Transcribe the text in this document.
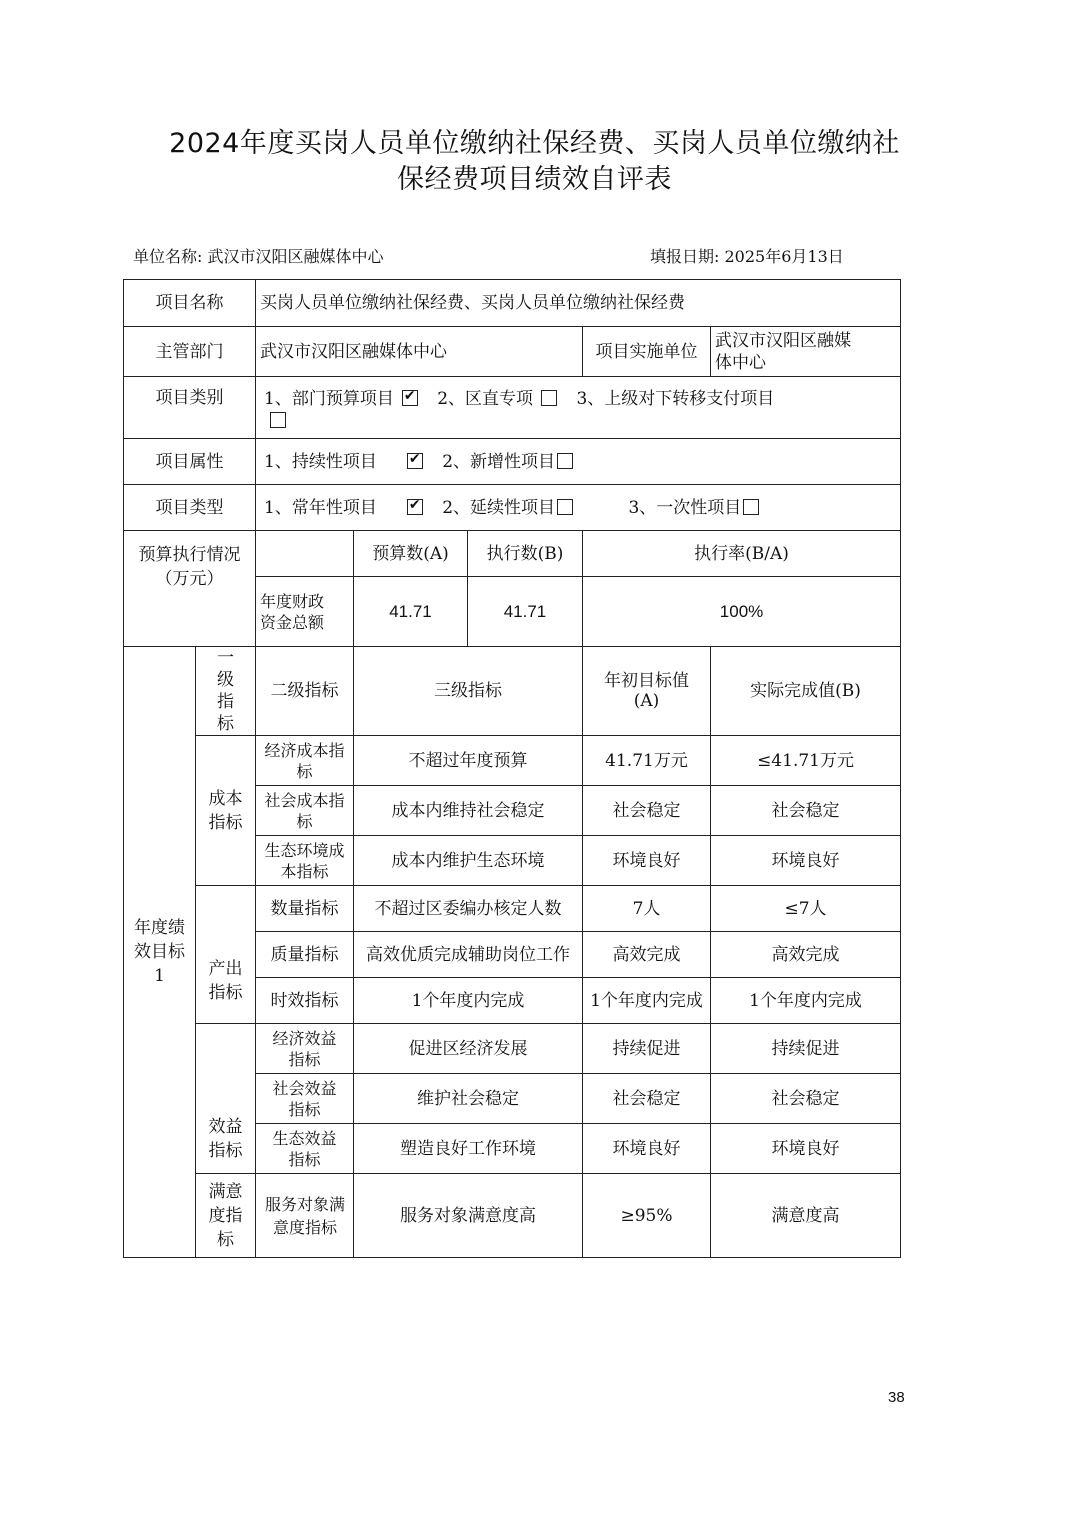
2024年度买岗人员单位缴纳社保经费、买岗人员单位缴纳社
保经费项目绩效自评表
单位名称: 武汉市汉阳区融媒体中心	填报日期: 2025年6月13日
项目名称		买岗人员单位缴纳社保经费、买岗人员单位缴纳社保经费				
主管部门		武汉市汉阳区融媒体中心			项目实施单位	武汉市汉阳区融媒体中心
项目类别		1、部门预算项目 ✔ 2、区直专项 3、上级对下转移支付项目

项目属性		1、持续性项目 ✔ 2、新增性项目
项目类型		1、常年性项目 ✔ 2、延续性项目 3、一次性项目
预算执行情况（万元）			预算数(A)	执行数(B)	执行率(B/A)	
		年度财政资金总额	41.71	41.71	100%	
年度绩效目标1	一级指标	二级指标	三级指标		年初目标值(A)	实际完成值(B)
	成本指标	经济成本指标	不超过年度预算		41.71万元	≤41.71万元
		社会成本指标	成本内维持社会稳定		社会稳定	社会稳定
		生态环境成本指标	成本内维护生态环境		环境良好	环境良好
	产出指标	数量指标	不超过区委编办核定人数		7人	≤7人
		质量指标	高效优质完成辅助岗位工作		高效完成	高效完成
		时效指标	1个年度内完成		1个年度内完成	1个年度内完成
	效益指标	经济效益指标	促进区经济发展		持续促进	持续促进
		社会效益指标	维护社会稳定		社会稳定	社会稳定
		生态效益指标	塑造良好工作环境		环境良好	环境良好
	满意度指标	服务对象满意度指标	服务对象满意度高		≥95%	满意度高
38
